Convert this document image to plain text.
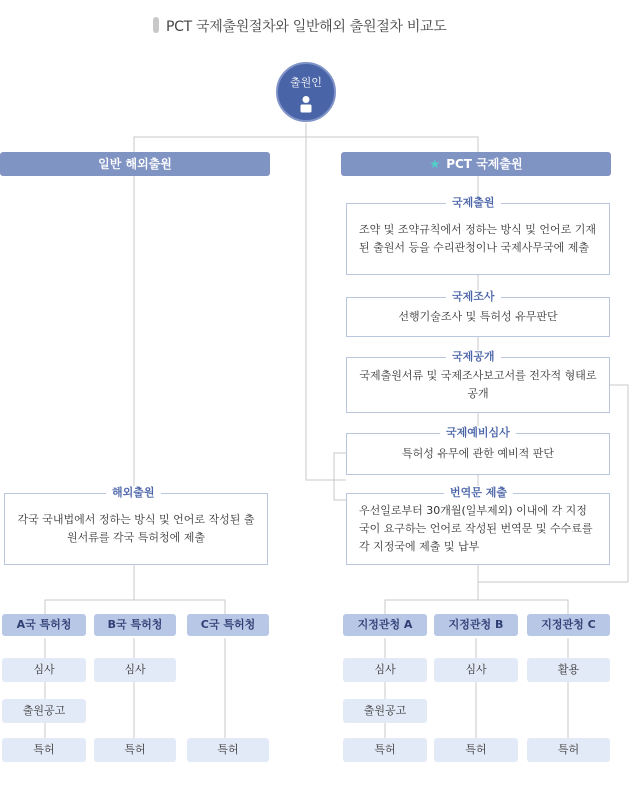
PCT 국제출원절차와 일반해외 출원절차 비교도
출원인
일반 해외출원	★ PCT 국제출원
조약 및 조약규칙에서 정하는 방식 및 언어로 기재된 출원서 등을 수리관청이나 국제사무국에 제출
국제출원
선행기술조사 및 특허성 유무판단
국제조사
국제출원서류 및 국제조사보고서를 전자적 형태로 공개
국제공개
특허성 유무에 관한 예비적 판단
국제예비심사
우선일로부터 30개월(일부제외) 이내에 각 지정국이 요구하는 언어로 작성된 번역문 및 수수료를 각 지정국에 제출 및 납부
번역문 제출
각국 국내법에서 정하는 방식 및 언어로 작성된 출원서류를 각국 특허청에 제출
해외출원
A국 특허청	B국 특허청	C국 특허청
심사
출원공고
특허
심사
특허	특허
지정관청 A	지정관청 B	지정관청 C
심사
출원공고
특허
심사
특허
활용
특허
